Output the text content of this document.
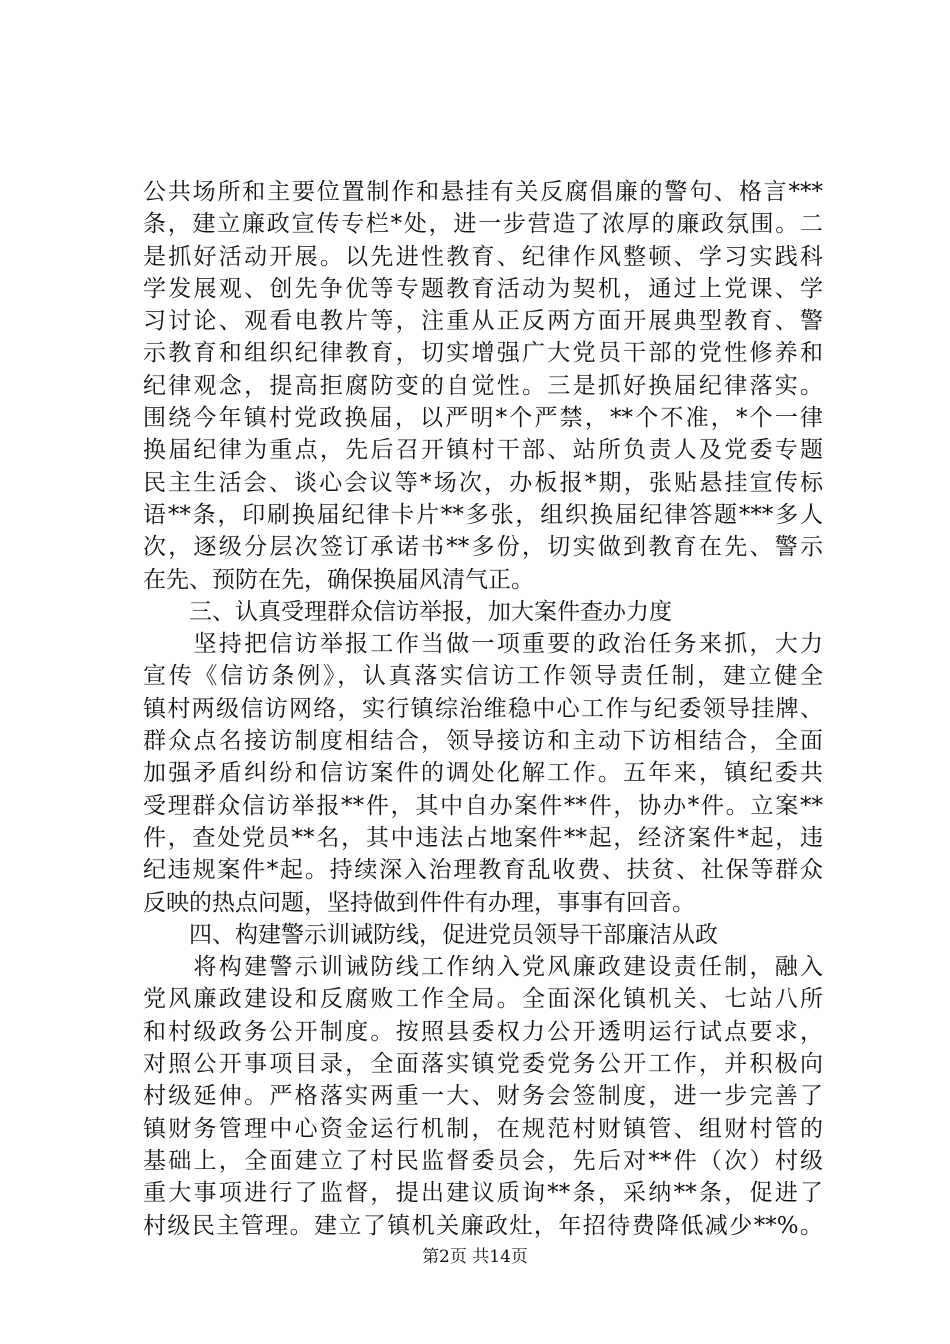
公共场所和主要位置制作和悬挂有关反腐倡廉的警句、格言***
条，建立廉政宣传专栏*处，进一步营造了浓厚的廉政氛围。二
是抓好活动开展。以先进性教育、纪律作风整顿、学习实践科
学发展观、创先争优等专题教育活动为契机，通过上党课、学
习讨论、观看电教片等，注重从正反两方面开展典型教育、警
示教育和组织纪律教育，切实增强广大党员干部的党性修养和
纪律观念，提高拒腐防变的自觉性。三是抓好换届纪律落实。
围绕今年镇村党政换届，以严明*个严禁，**个不准，*个一律
换届纪律为重点，先后召开镇村干部、站所负责人及党委专题
民主生活会、谈心会议等*场次，办板报*期，张贴悬挂宣传标
语**条，印刷换届纪律卡片**多张，组织换届纪律答题***多人
次，逐级分层次签订承诺书**多份，切实做到教育在先、警示
在先、预防在先，确保换届风清气正。
　　三、认真受理群众信访举报，加大案件查办力度
　　坚持把信访举报工作当做一项重要的政治任务来抓，大力
宣传《信访条例》，认真落实信访工作领导责任制，建立健全
镇村两级信访网络，实行镇综治维稳中心工作与纪委领导挂牌、
群众点名接访制度相结合，领导接访和主动下访相结合，全面
加强矛盾纠纷和信访案件的调处化解工作。五年来，镇纪委共
受理群众信访举报**件，其中自办案件**件，协办*件。立案**
件，查处党员**名，其中违法占地案件**起，经济案件*起，违
纪违规案件*起。持续深入治理教育乱收费、扶贫、社保等群众
反映的热点问题，坚持做到件件有办理，事事有回音。
　　四、构建警示训诫防线，促进党员领导干部廉洁从政
　　将构建警示训诫防线工作纳入党风廉政建设责任制，融入
党风廉政建设和反腐败工作全局。全面深化镇机关、七站八所
和村级政务公开制度。按照县委权力公开透明运行试点要求，
对照公开事项目录，全面落实镇党委党务公开工作，并积极向
村级延伸。严格落实两重一大、财务会签制度，进一步完善了
镇财务管理中心资金运行机制，在规范村财镇管、组财村管的
基础上，全面建立了村民监督委员会，先后对**件（次）村级
重大事项进行了监督，提出建议质询**条，采纳**条，促进了
村级民主管理。建立了镇机关廉政灶，年招待费降低减少**%。
第2页 共14页
